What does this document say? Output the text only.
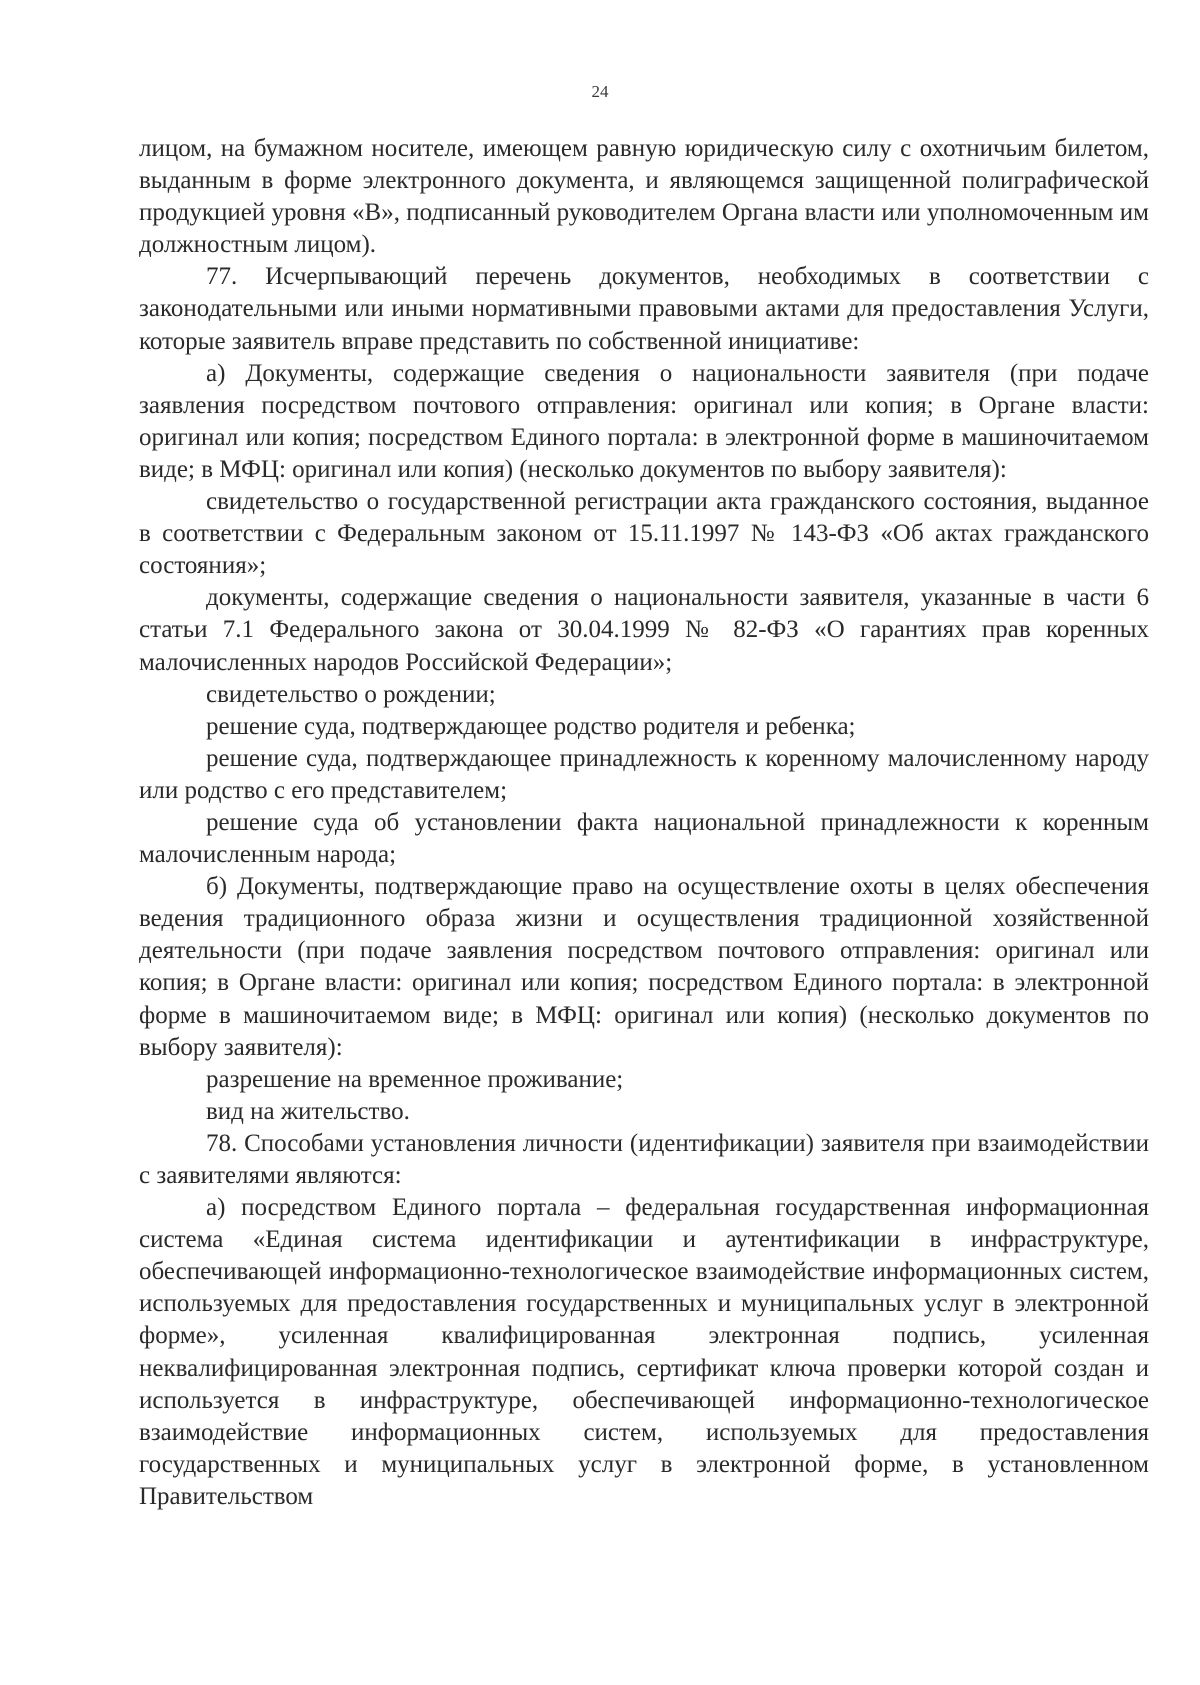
24

лицом, на бумажном носителе, имеющем равную юридическую силу с охотничьим билетом, выданным в форме электронного документа, и являющемся защищенной полиграфической продукцией уровня «В», подписанный руководителем Органа власти или уполномоченным им должностным лицом).

77. Исчерпывающий перечень документов, необходимых в соответствии с законодательными или иными нормативными правовыми актами для предоставления Услуги, которые заявитель вправе представить по собственной инициативе:

а) Документы, содержащие сведения о национальности заявителя (при подаче заявления посредством почтового отправления: оригинал или копия; в Органе власти: оригинал или копия; посредством Единого портала: в электронной форме в машиночитаемом виде; в МФЦ: оригинал или копия) (несколько документов по выбору заявителя):

свидетельство о государственной регистрации акта гражданского состояния, выданное в соответствии с Федеральным законом от 15.11.1997 № 143-ФЗ «Об актах гражданского состояния»;

документы, содержащие сведения о национальности заявителя, указанные в части 6 статьи 7.1 Федерального закона от 30.04.1999 № 82-ФЗ «О гарантиях прав коренных малочисленных народов Российской Федерации»;

свидетельство о рождении;

решение суда, подтверждающее родство родителя и ребенка;

решение суда, подтверждающее принадлежность к коренному малочисленному народу или родство с его представителем;

решение суда об установлении факта национальной принадлежности к коренным малочисленным народа;

б) Документы, подтверждающие право на осуществление охоты в целях обеспечения ведения традиционного образа жизни и осуществления традиционной хозяйственной деятельности (при подаче заявления посредством почтового отправления: оригинал или копия; в Органе власти: оригинал или копия; посредством Единого портала: в электронной форме в машиночитаемом виде; в МФЦ: оригинал или копия) (несколько документов по выбору заявителя):

разрешение на временное проживание;

вид на жительство.

78. Способами установления личности (идентификации) заявителя при взаимодействии с заявителями являются:

а) посредством Единого портала – федеральная государственная информационная система «Единая система идентификации и аутентификации в инфраструктуре, обеспечивающей информационно-технологическое взаимодействие информационных систем, используемых для предоставления государственных и муниципальных услуг в электронной форме», усиленная квалифицированная электронная подпись, усиленная неквалифицированная электронная подпись, сертификат ключа проверки которой создан и используется в инфраструктуре, обеспечивающей информационно-технологическое взаимодействие информационных систем, используемых для предоставления государственных и муниципальных услуг в электронной форме, в установленном Правительством
